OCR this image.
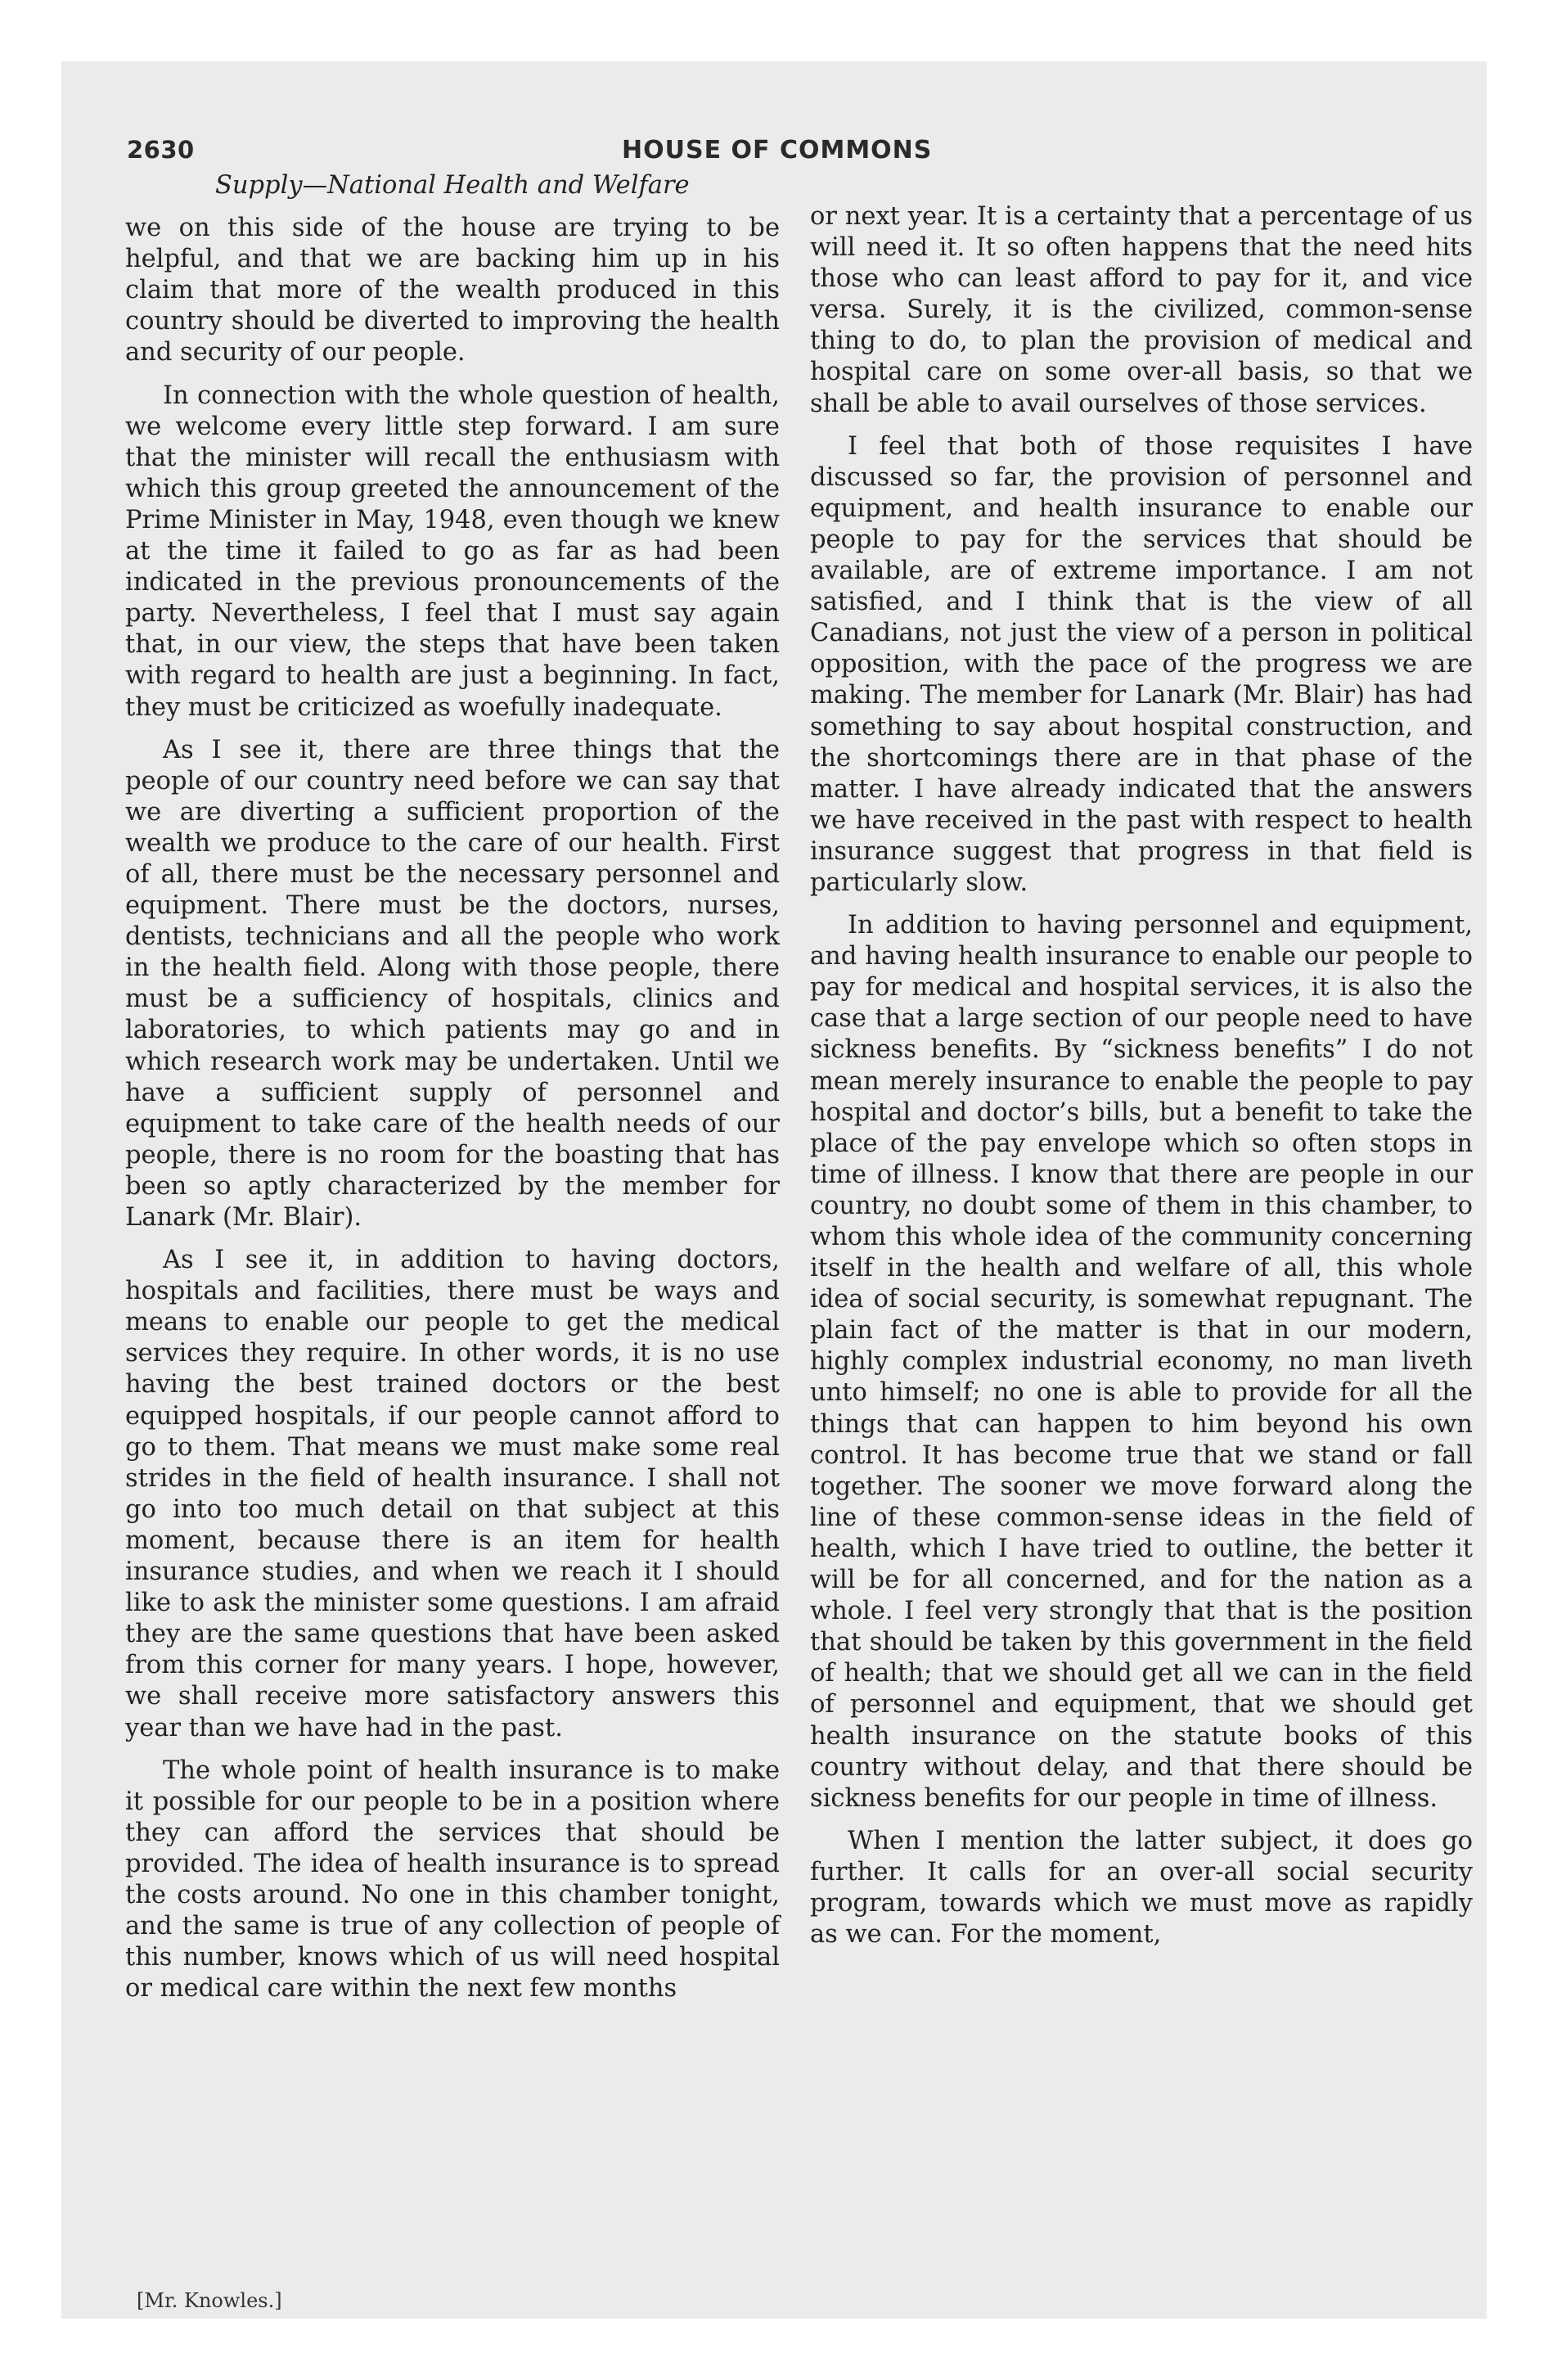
2630	HOUSE OF COMMONS

Supply—National Health and Welfare

we on this side of the house are trying to be helpful, and that we are backing him up in his claim that more of the wealth produced in this country should be diverted to improving the health and security of our people.

In connection with the whole question of health, we welcome every little step forward. I am sure that the minister will recall the enthusiasm with which this group greeted the announcement of the Prime Minister in May, 1948, even though we knew at the time it failed to go as far as had been indicated in the previous pronouncements of the party. Nevertheless, I feel that I must say again that, in our view, the steps that have been taken with regard to health are just a beginning. In fact, they must be criticized as woefully inadequate.

As I see it, there are three things that the people of our country need before we can say that we are diverting a sufficient proportion of the wealth we produce to the care of our health. First of all, there must be the necessary personnel and equipment. There must be the doctors, nurses, dentists, technicians and all the people who work in the health field. Along with those people, there must be a sufficiency of hospitals, clinics and laboratories, to which patients may go and in which research work may be undertaken. Until we have a sufficient supply of personnel and equipment to take care of the health needs of our people, there is no room for the boasting that has been so aptly characterized by the member for Lanark (Mr. Blair).

As I see it, in addition to having doctors, hospitals and facilities, there must be ways and means to enable our people to get the medical services they require. In other words, it is no use having the best trained doctors or the best equipped hospitals, if our people cannot afford to go to them. That means we must make some real strides in the field of health insurance. I shall not go into too much detail on that subject at this moment, because there is an item for health insurance studies, and when we reach it I should like to ask the minister some questions. I am afraid they are the same questions that have been asked from this corner for many years. I hope, however, we shall receive more satisfactory answers this year than we have had in the past.

The whole point of health insurance is to make it possible for our people to be in a position where they can afford the services that should be provided. The idea of health insurance is to spread the costs around. No one in this chamber tonight, and the same is true of any collection of people of this number, knows which of us will need hospital or medical care within the next few months

or next year. It is a certainty that a percentage of us will need it. It so often happens that the need hits those who can least afford to pay for it, and vice versa. Surely, it is the civilized, common-sense thing to do, to plan the provision of medical and hospital care on some over-all basis, so that we shall be able to avail ourselves of those services.

I feel that both of those requisites I have discussed so far, the provision of personnel and equipment, and health insurance to enable our people to pay for the services that should be available, are of extreme importance. I am not satisfied, and I think that is the view of all Canadians, not just the view of a person in political opposition, with the pace of the progress we are making. The member for Lanark (Mr. Blair) has had something to say about hospital construction, and the shortcomings there are in that phase of the matter. I have already indicated that the answers we have received in the past with respect to health insurance suggest that progress in that field is particularly slow.

In addition to having personnel and equipment, and having health insurance to enable our people to pay for medical and hospital services, it is also the case that a large section of our people need to have sickness benefits. By “sickness benefits” I do not mean merely insurance to enable the people to pay hospital and doctor’s bills, but a benefit to take the place of the pay envelope which so often stops in time of illness. I know that there are people in our country, no doubt some of them in this chamber, to whom this whole idea of the community concerning itself in the health and welfare of all, this whole idea of social security, is somewhat repugnant. The plain fact of the matter is that in our modern, highly complex industrial economy, no man liveth unto himself; no one is able to provide for all the things that can happen to him beyond his own control. It has become true that we stand or fall together. The sooner we move forward along the line of these common-sense ideas in the field of health, which I have tried to outline, the better it will be for all concerned, and for the nation as a whole. I feel very strongly that that is the position that should be taken by this government in the field of health; that we should get all we can in the field of personnel and equipment, that we should get health insurance on the statute books of this country without delay, and that there should be sickness benefits for our people in time of illness.

When I mention the latter subject, it does go further. It calls for an over-all social security program, towards which we must move as rapidly as we can. For the moment,

[Mr. Knowles.]
